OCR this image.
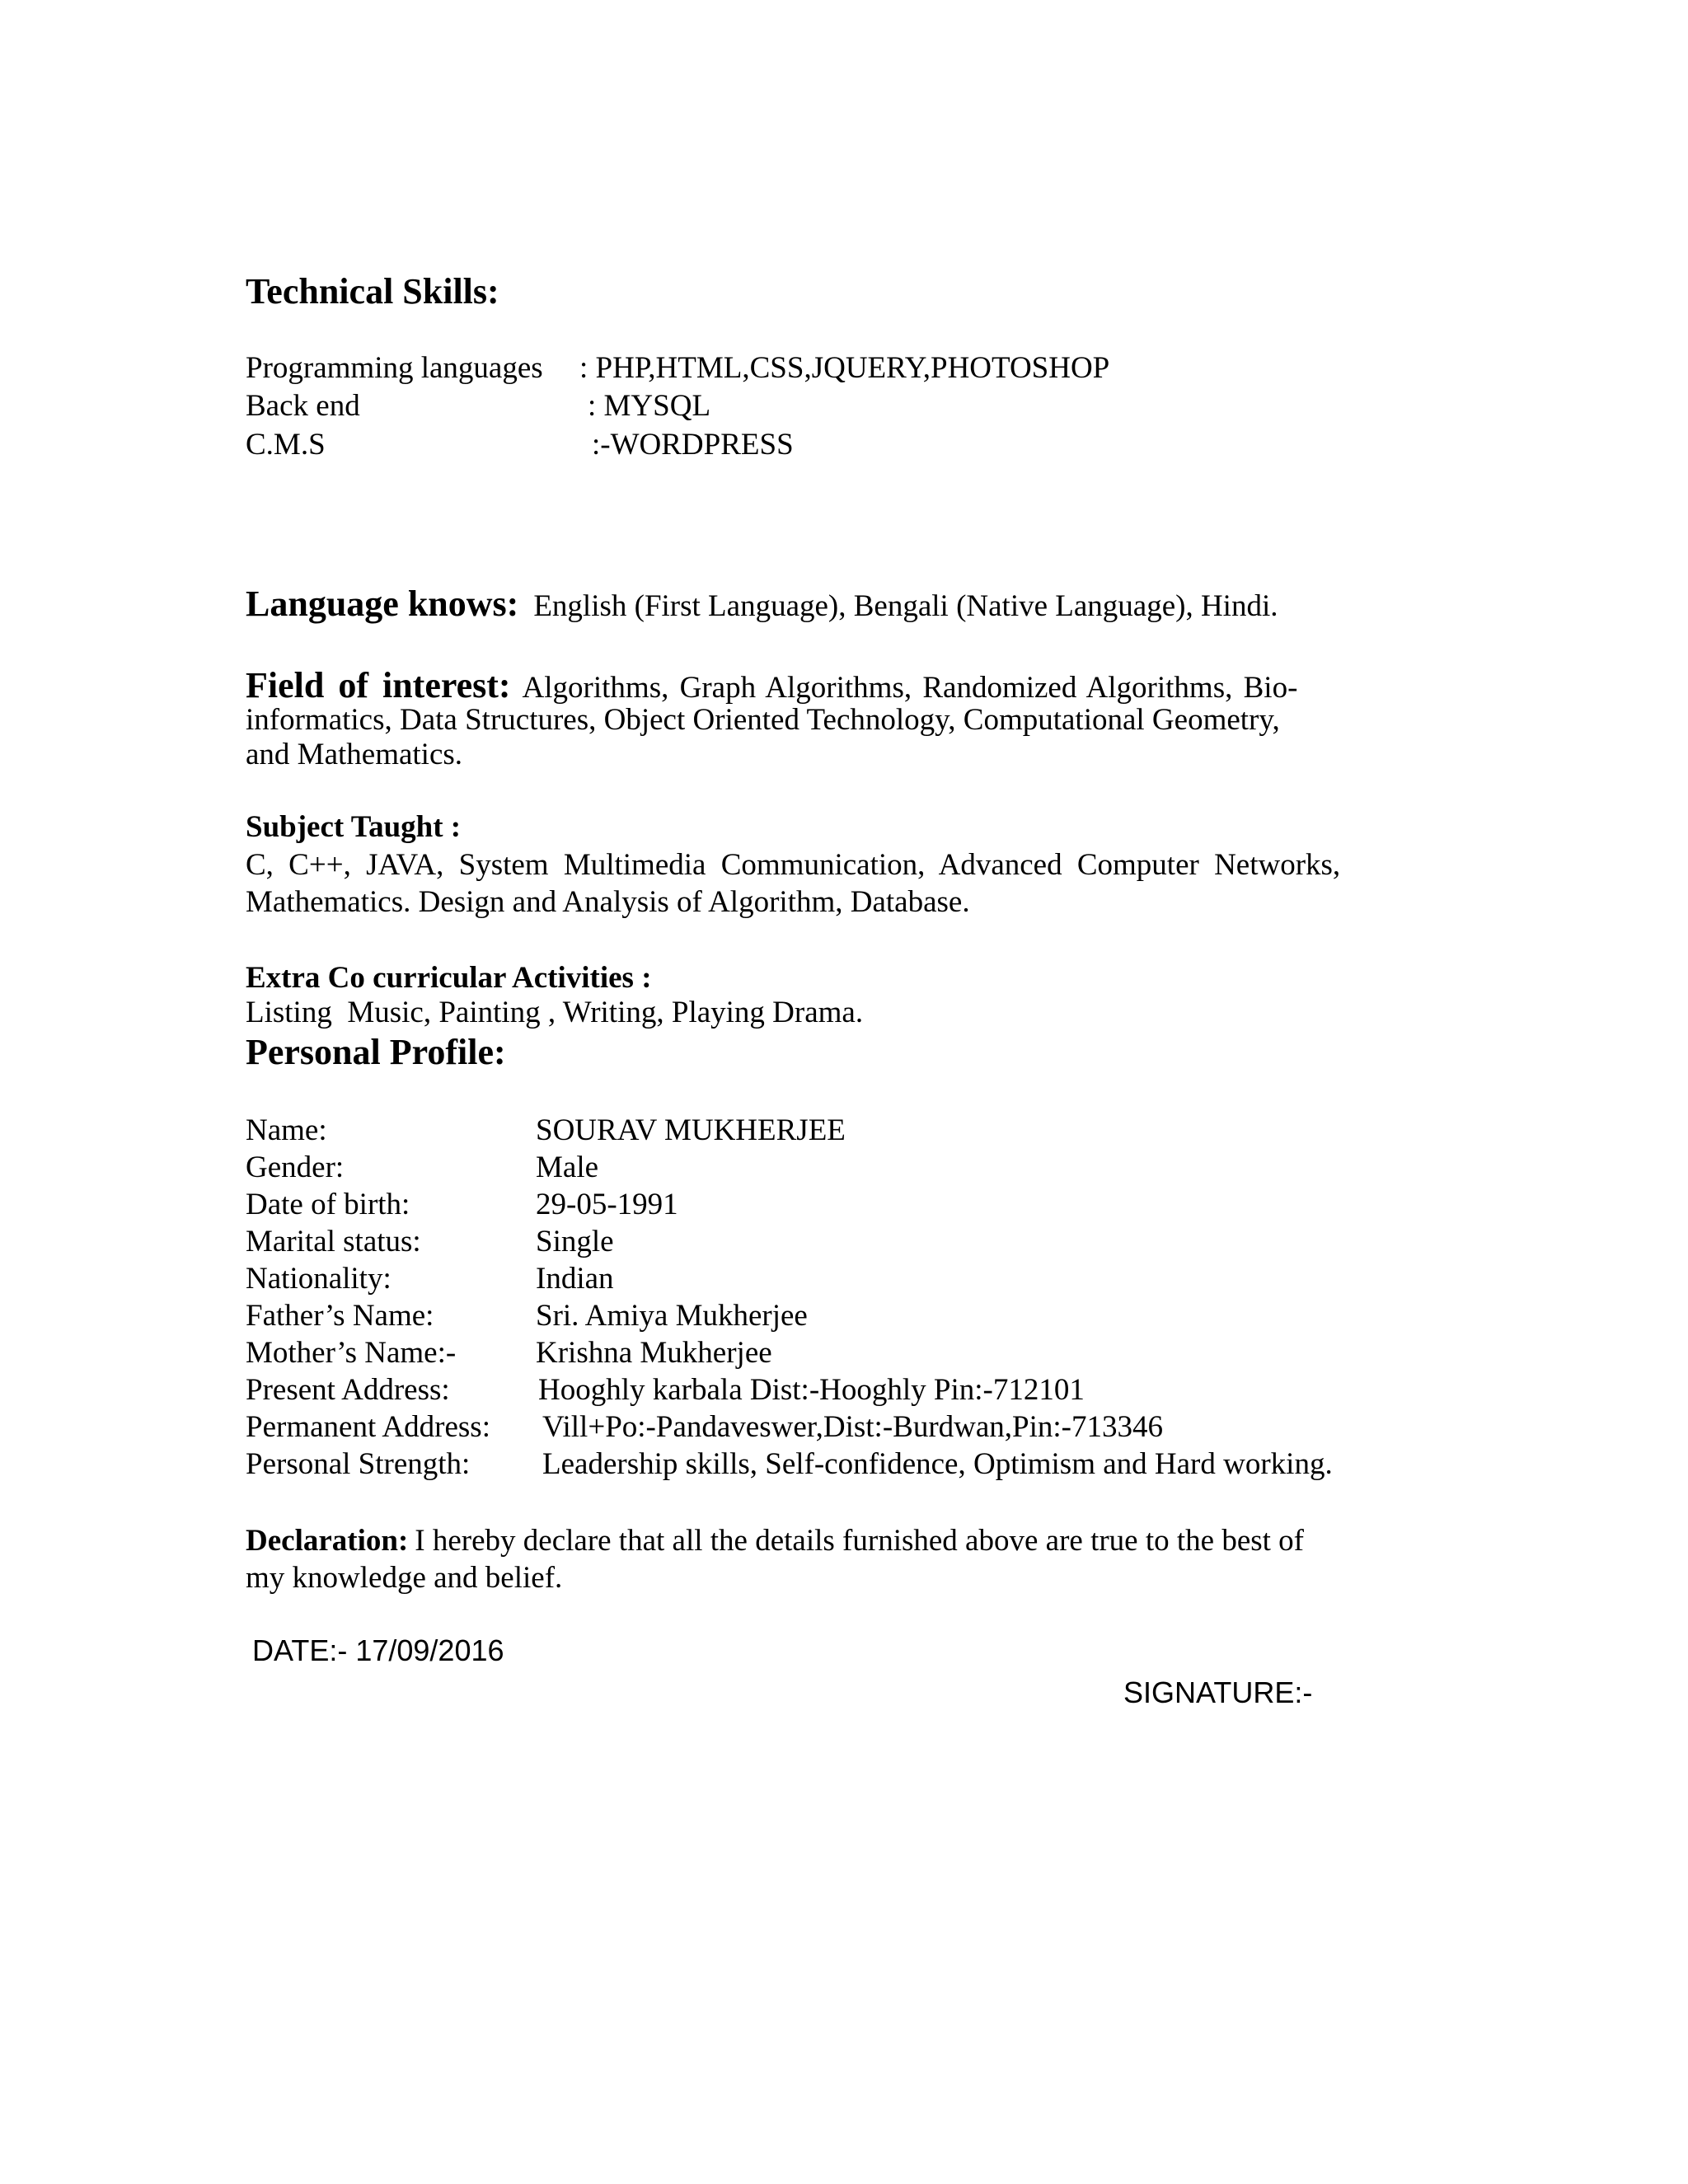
Technical Skills:
Programming languages : PHP,HTML,CSS,JQUERY,PHOTOSHOP
Back end	: MYSQL
C.M.S	:-WORDPRESS
Language knows: English (First Language), Bengali (Native Language), Hindi.
Field of interest: Algorithms, Graph Algorithms, Randomized Algorithms, Bio-
informatics, Data Structures, Object Oriented Technology, Computational Geometry,
and Mathematics.
Subject Taught :
C, C++, JAVA, System Multimedia Communication, Advanced Computer Networks,
Mathematics. Design and Analysis of Algorithm, Database.
Extra Co curricular Activities :
Listing  Music, Painting , Writing, Playing Drama.
Personal Profile:
Name:	SOURAV MUKHERJEE
Gender:	Male
Date of birth:	29-05-1991
Marital status:	Single
Nationality:	Indian
Father’s Name:	Sri. Amiya Mukherjee
Mother’s Name:-	Krishna Mukherjee
Present Address:	Hooghly karbala Dist:-Hooghly Pin:-712101
Permanent Address: Vill+Po:-Pandaveswer,Dist:-Burdwan,Pin:-713346
Personal Strength: Leadership skills, Self-confidence, Optimism and Hard working.
Declaration: I hereby declare that all the details furnished above are true to the best of
my knowledge and belief.
DATE:- 17/09/2016
SIGNATURE:-
